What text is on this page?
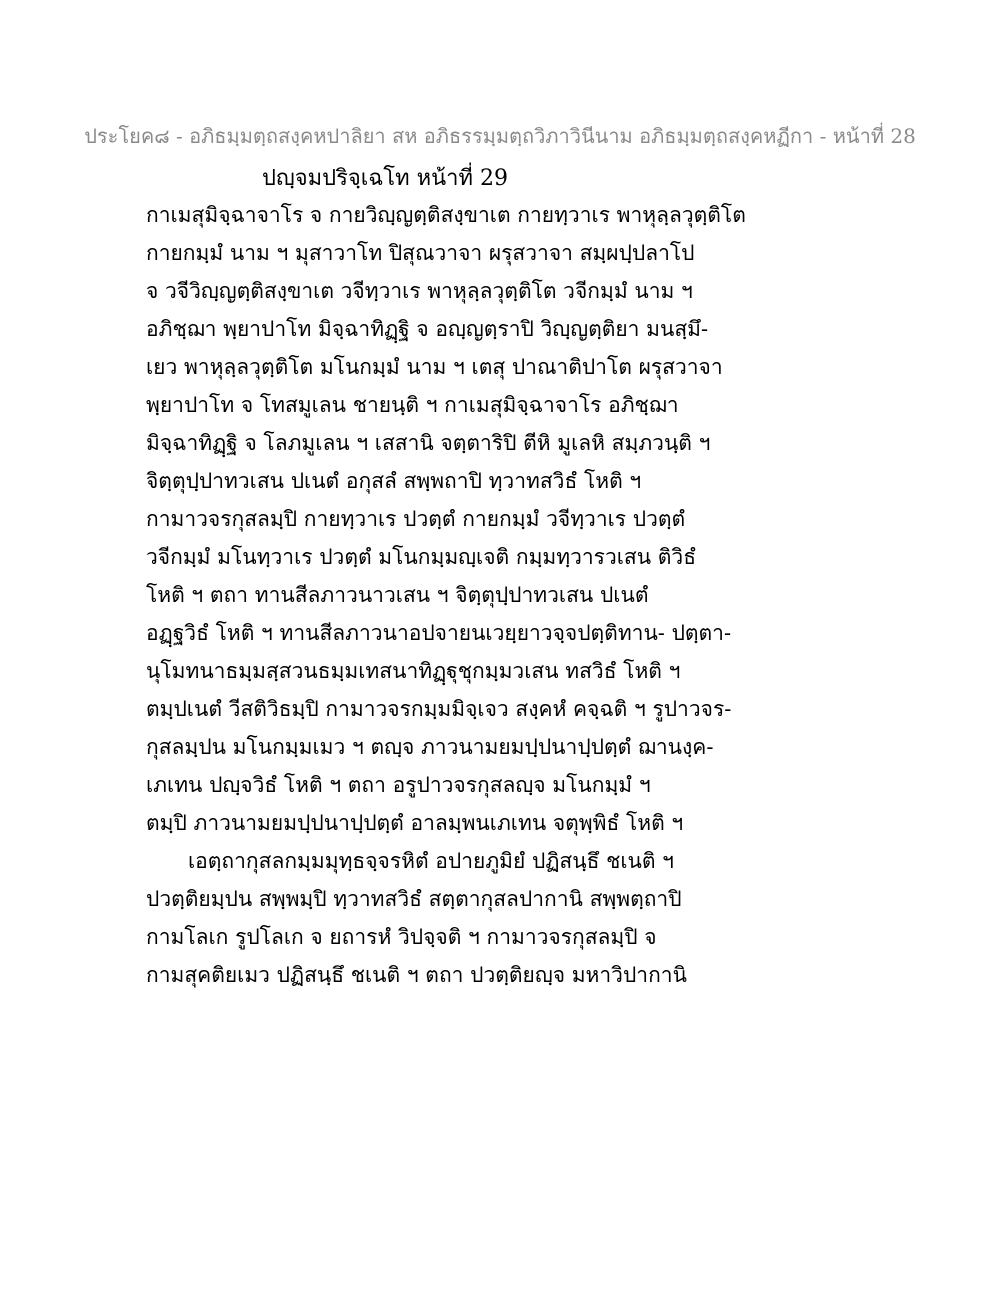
ประโยค๘ - อภิธมฺมตฺถสงฺคหปาลิยา สห อภิธรรมฺมตฺถวิภาวินีนาม อภิธมฺมตฺถสงฺคหฏีกา - หน้าที่ 28
ปญฺจมปริจฺเฉโท หน้าที่ 29
กาเมสุมิจฺฉาจาโร จ กายวิญฺญตฺติสงฺขาเต กายทฺวาเร พาหุลฺลวุตฺติโต
กายกมฺมํ นาม ฯ มุสาวาโท ปิสุณวาจา ผรุสวาจา สมฺผปฺปลาโป
จ วจีวิญฺญตฺติสงฺขาเต วจีทฺวาเร พาหุลฺลวุตฺติโต วจีกมฺมํ นาม ฯ
อภิชฺฌา พฺยาปาโท มิจฺฉาทิฏฺฐิ จ อญฺญตฺราปิ วิญฺญตฺติยา มนสฺมึ-
เยว พาหุลฺลวุตฺติโต มโนกมฺมํ นาม ฯ เตสุ ปาณาติปาโต ผรุสวาจา
พฺยาปาโท จ โทสมูเลน ชายนฺติ ฯ กาเมสุมิจฺฉาจาโร อภิชฺฌา
มิจฺฉาทิฏฺฐิ จ โลภมูเลน ฯ เสสานิ จตฺตาริปิ ตีหิ มูเลหิ สมฺภวนฺติ ฯ
จิตฺตุปฺปาทวเสน ปเนตํ อกุสลํ สพฺพถาปิ ทฺวาทสวิธํ โหติ ฯ
กามาวจรกุสลมฺปิ กายทฺวาเร ปวตฺตํ กายกมฺมํ วจีทฺวาเร ปวตฺตํ
วจีกมฺมํ มโนทฺวาเร ปวตฺตํ มโนกมฺมญฺเจติ กมฺมทฺวารวเสน ติวิธํ
โหติ ฯ ตถา ทานสีลภาวนาวเสน ฯ จิตฺตุปฺปาทวเสน ปเนตํ
อฏฺฐวิธํ โหติ ฯ ทานสีลภาวนาอปจายนเวยฺยาวจฺจปตฺติทาน- ปตฺตา-
นุโมทนาธมฺมสฺสวนธมฺมเทสนาทิฏฺฐุชุกมฺมวเสน ทสวิธํ โหติ ฯ
ตมฺปเนตํ วีสติวิธมฺปิ กามาวจรกมฺมมิจฺเจว สงฺคหํ คจฺฉติ ฯ รูปาวจร-
กุสลมฺปน มโนกมฺมเมว ฯ ตญฺจ ภาวนามยมปฺปนาปฺปตฺตํ ฌานงฺค-
เภเทน ปญฺจวิธํ โหติ ฯ ตถา อรูปาวจรกุสลญฺจ มโนกมฺมํ ฯ
ตมฺปิ ภาวนามยมปฺปนาปฺปตฺตํ อาลมฺพนเภเทน จตุพฺพิธํ โหติ ฯ
เอตฺถากุสลกมฺมมุทฺธจฺจรหิตํ อปายภูมิยํ ปฏิสนฺธึ ชเนติ ฯ
ปวตฺติยมฺปน สพฺพมฺปิ ทฺวาทสวิธํ สตฺตากุสลปากานิ สพฺพตฺถาปิ
กามโลเก รูปโลเก จ ยถารหํ วิปจฺจติ ฯ กามาวจรกุสลมฺปิ จ
กามสุคติยเมว ปฏิสนฺธึ ชเนติ ฯ ตถา ปวตฺติยญฺจ มหาวิปากานิ
